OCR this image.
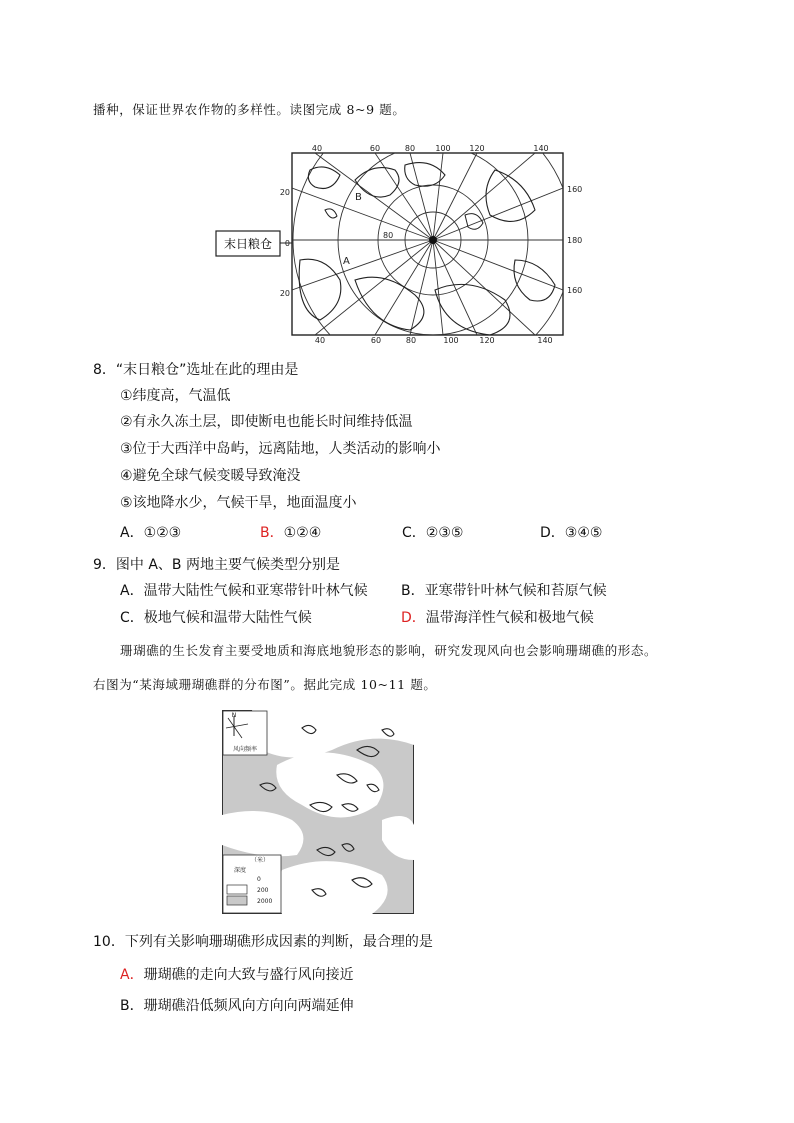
播种，保证世界农作物的多样性。读图完成 8~9 题。
末日粮仓
80
B
A
40	60	80	100 120	140
40	60	80	100	120	140
20
0
20
160
180
160
8．“末日粮仓”选址在此的理由是
①纬度高，气温低
②有永久冻土层，即使断电也能长时间维持低温
③位于大西洋中岛屿，远离陆地，人类活动的影响小
④避免全球气候变暖导致淹没
⑤该地降水少，气候干旱，地面温度小
A．①②③	B．①②④	C．②③⑤	D．③④⑤
9．图中 A、B 两地主要气候类型分别是
A．温带大陆性气候和亚寒带针叶林气候 B．亚寒带针叶林气候和苔原气候
C．极地气候和温带大陆性气候	D．温带海洋性气候和极地气候
珊瑚礁的生长发育主要受地质和海底地貌形态的影响，研究发现风向也会影响珊瑚礁的形态。
右图为“某海域珊瑚礁群的分布图”。据此完成 10~11 题。
N
风向频率
（米）
深度
0
200
2000
10．下列有关影响珊瑚礁形成因素的判断，最合理的是
A．珊瑚礁的走向大致与盛行风向接近
B．珊瑚礁沿低频风向方向向两端延伸
